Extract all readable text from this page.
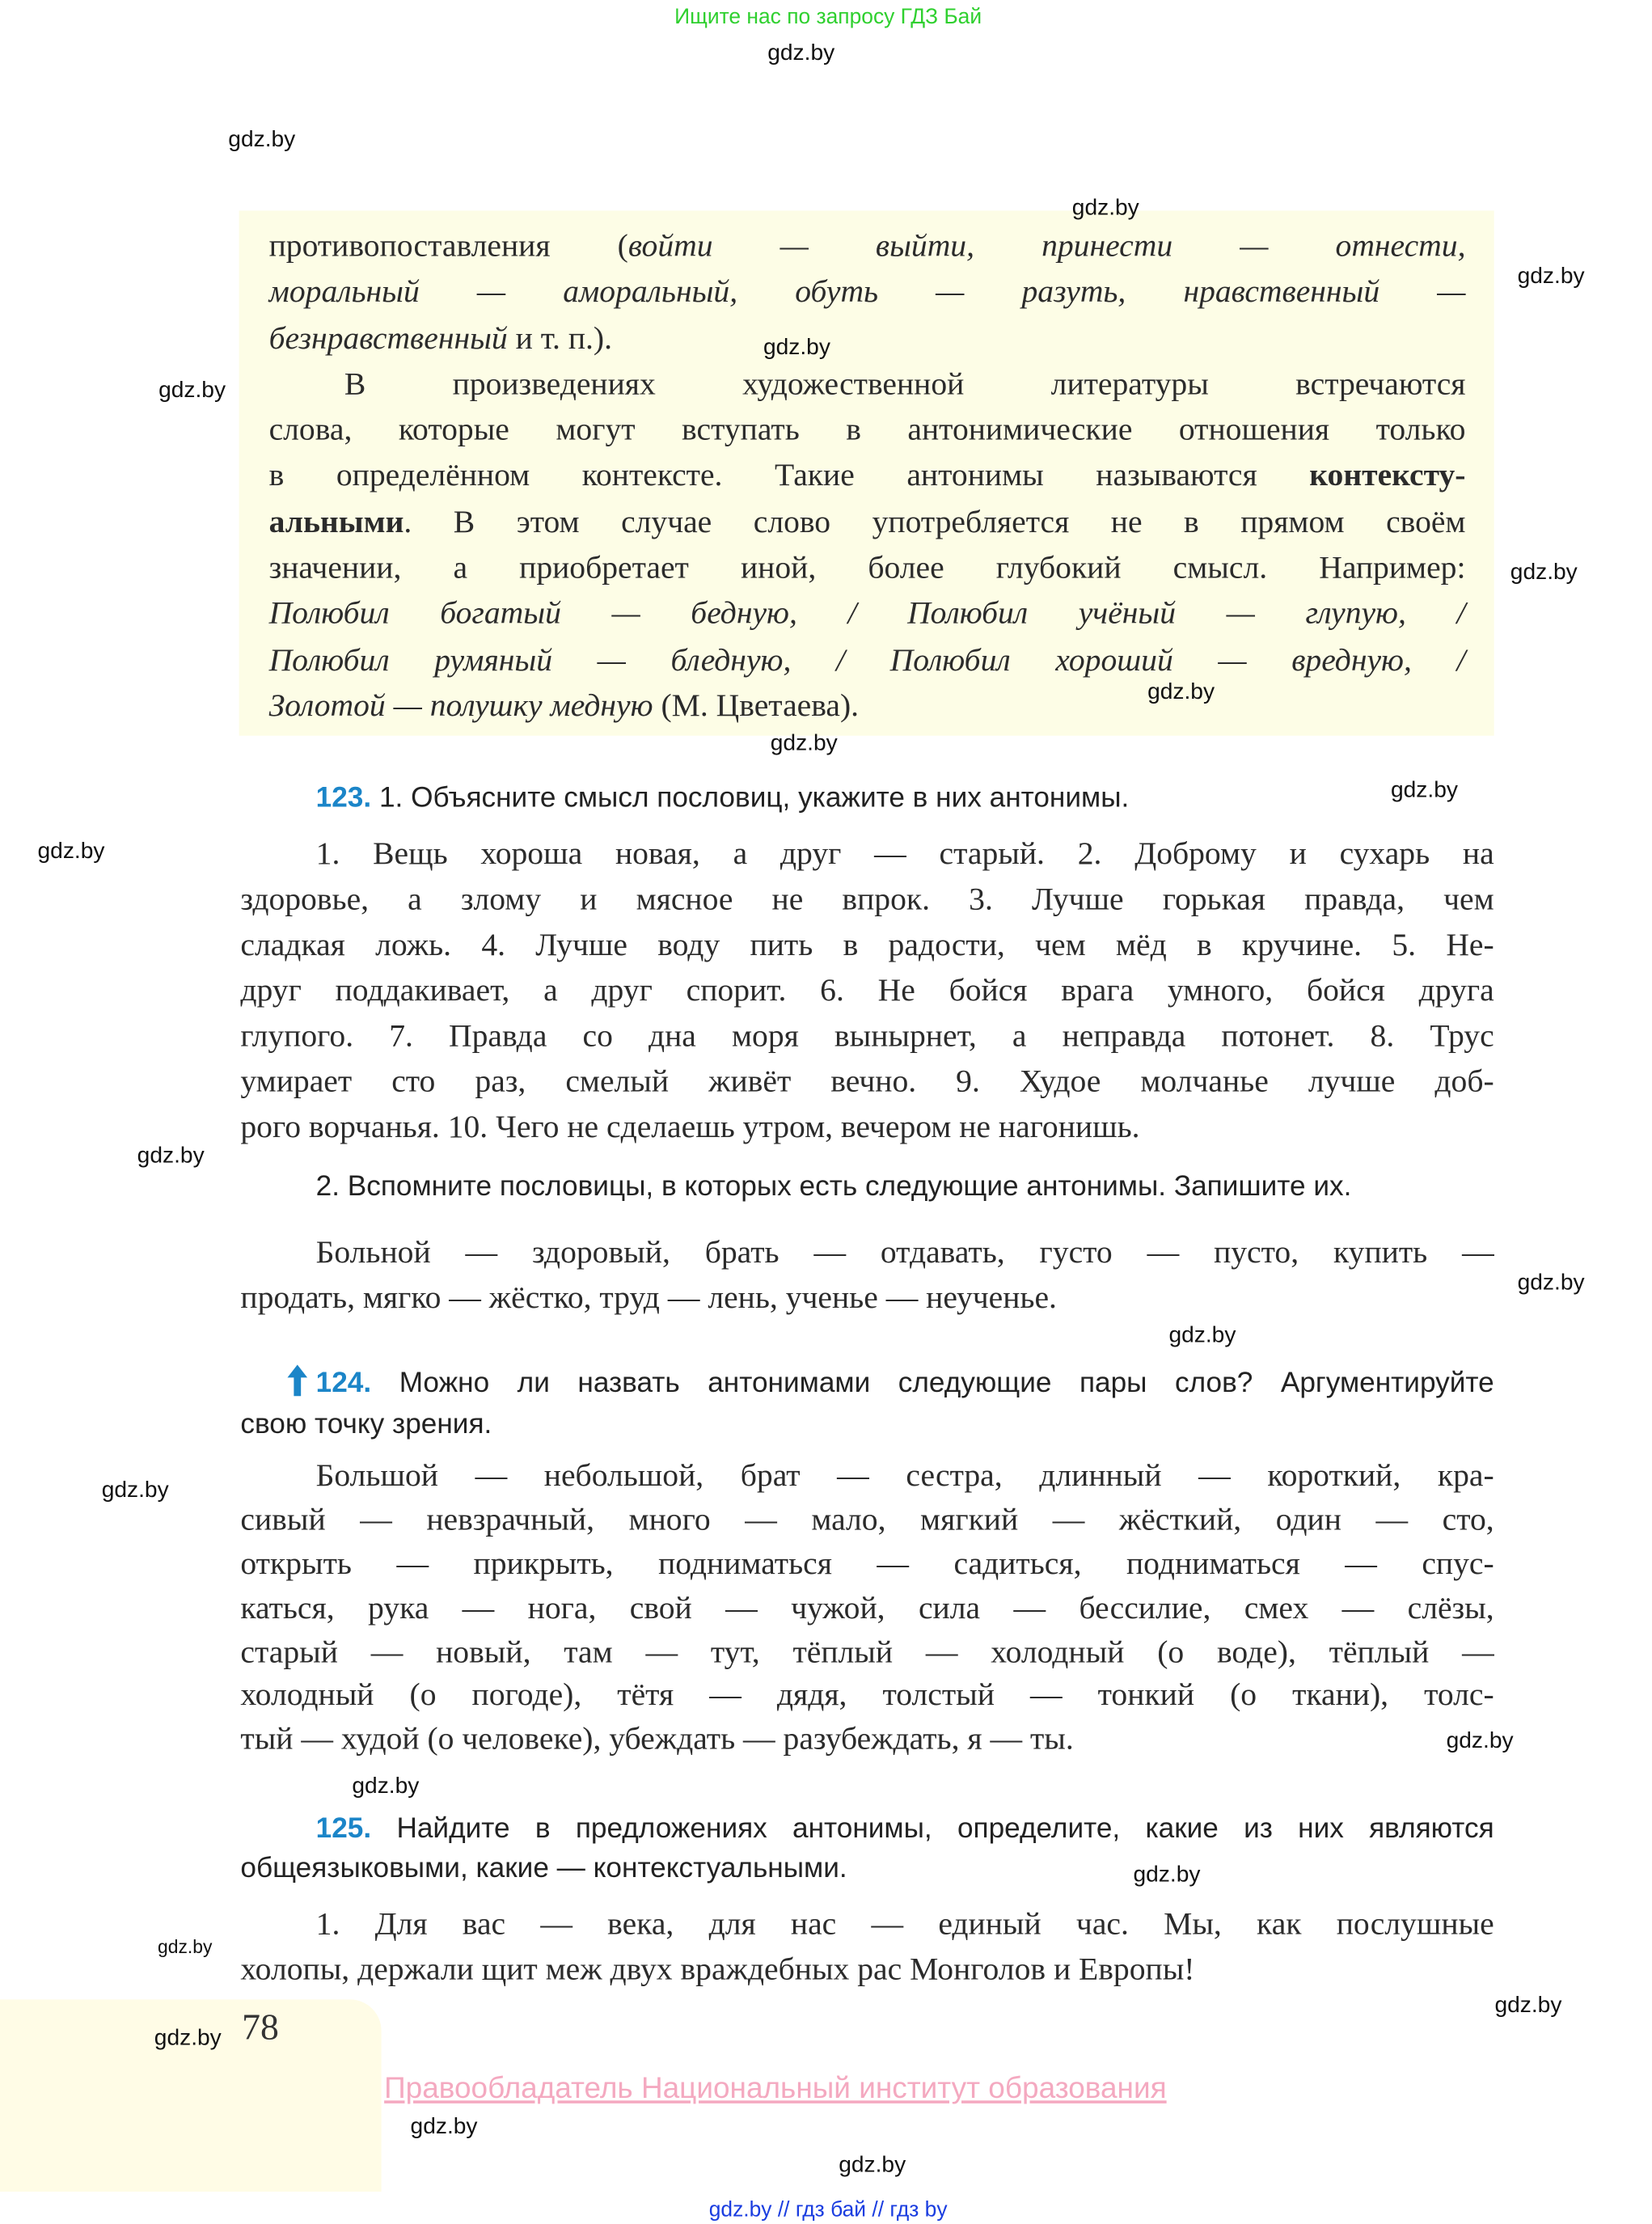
Ищите нас по запросу ГДЗ Бай
противопоставления (войти — выйти, принести — отнести,
моральный — аморальный, обуть — разуть, нравственный —
безнравственный и т. п.).
В произведениях художественной литературы встречаются
слова, которые могут вступать в антонимические отношения только
в определённом контексте. Такие антонимы называются контексту-
альными. В этом случае слово употребляется не в прямом своём
значении, а приобретает иной, более глубокий смысл. Например:
Полюбил богатый — бедную, / Полюбил учёный — глупую, /
Полюбил румяный — бледную, / Полюбил хороший — вредную, /
Золотой — полушку медную (М. Цветаева).
123. 1. Объясните смысл пословиц, укажите в них антонимы.
1. Вещь хороша новая, а друг — старый. 2. Доброму и сухарь на
здоровье, а злому и мясное не впрок. 3. Лучше горькая правда, чем
сладкая ложь. 4. Лучше воду пить в радости, чем мёд в кручине. 5. Не-
друг поддакивает, а друг спорит. 6. Не бойся врага умного, бойся друга
глупого. 7. Правда со дна моря вынырнет, а неправда потонет. 8. Трус
умирает сто раз, смелый живёт вечно. 9. Худое молчанье лучше доб-
рого ворчанья. 10. Чего не сделаешь утром, вечером не нагонишь.
2. Вспомните пословицы, в которых есть следующие антонимы. Запишите их.
Больной — здоровый, брать — отдавать, густо — пусто, купить —
продать, мягко — жёстко, труд — лень, ученье — неученье.
124. Можно ли назвать антонимами следующие пары слов? Аргументируйте
свою точку зрения.
Большой — небольшой, брат — сестра, длинный — короткий, кра-
сивый — невзрачный, много — мало, мягкий — жёсткий, один — сто,
открыть — прикрыть, подниматься — садиться, подниматься — спус-
каться, рука — нога, свой — чужой, сила — бессилие, смех — слёзы,
старый — новый, там — тут, тёплый — холодный (о воде), тёплый —
холодный (о погоде), тётя — дядя, толстый — тонкий (о ткани), толс-
тый — худой (о человеке), убеждать — разубеждать, я — ты.
125. Найдите в предложениях антонимы, определите, какие из них являются
общеязыковыми, какие — контекстуальными.
1. Для вас — века, для нас — единый час. Мы, как послушные
холопы, держали щит меж двух враждебных рас Монголов и Европы!
78
Правообладатель Национальный институт образования
gdz.by // гдз бай // гдз by
gdz.by
gdz.by
gdz.by
gdz.by
gdz.by
gdz.by
gdz.by
gdz.by
gdz.by
gdz.by
gdz.by
gdz.by
gdz.by
gdz.by
gdz.by
gdz.by
gdz.by
gdz.by
gdz.by
gdz.by
gdz.by
gdz.by
gdz.by
